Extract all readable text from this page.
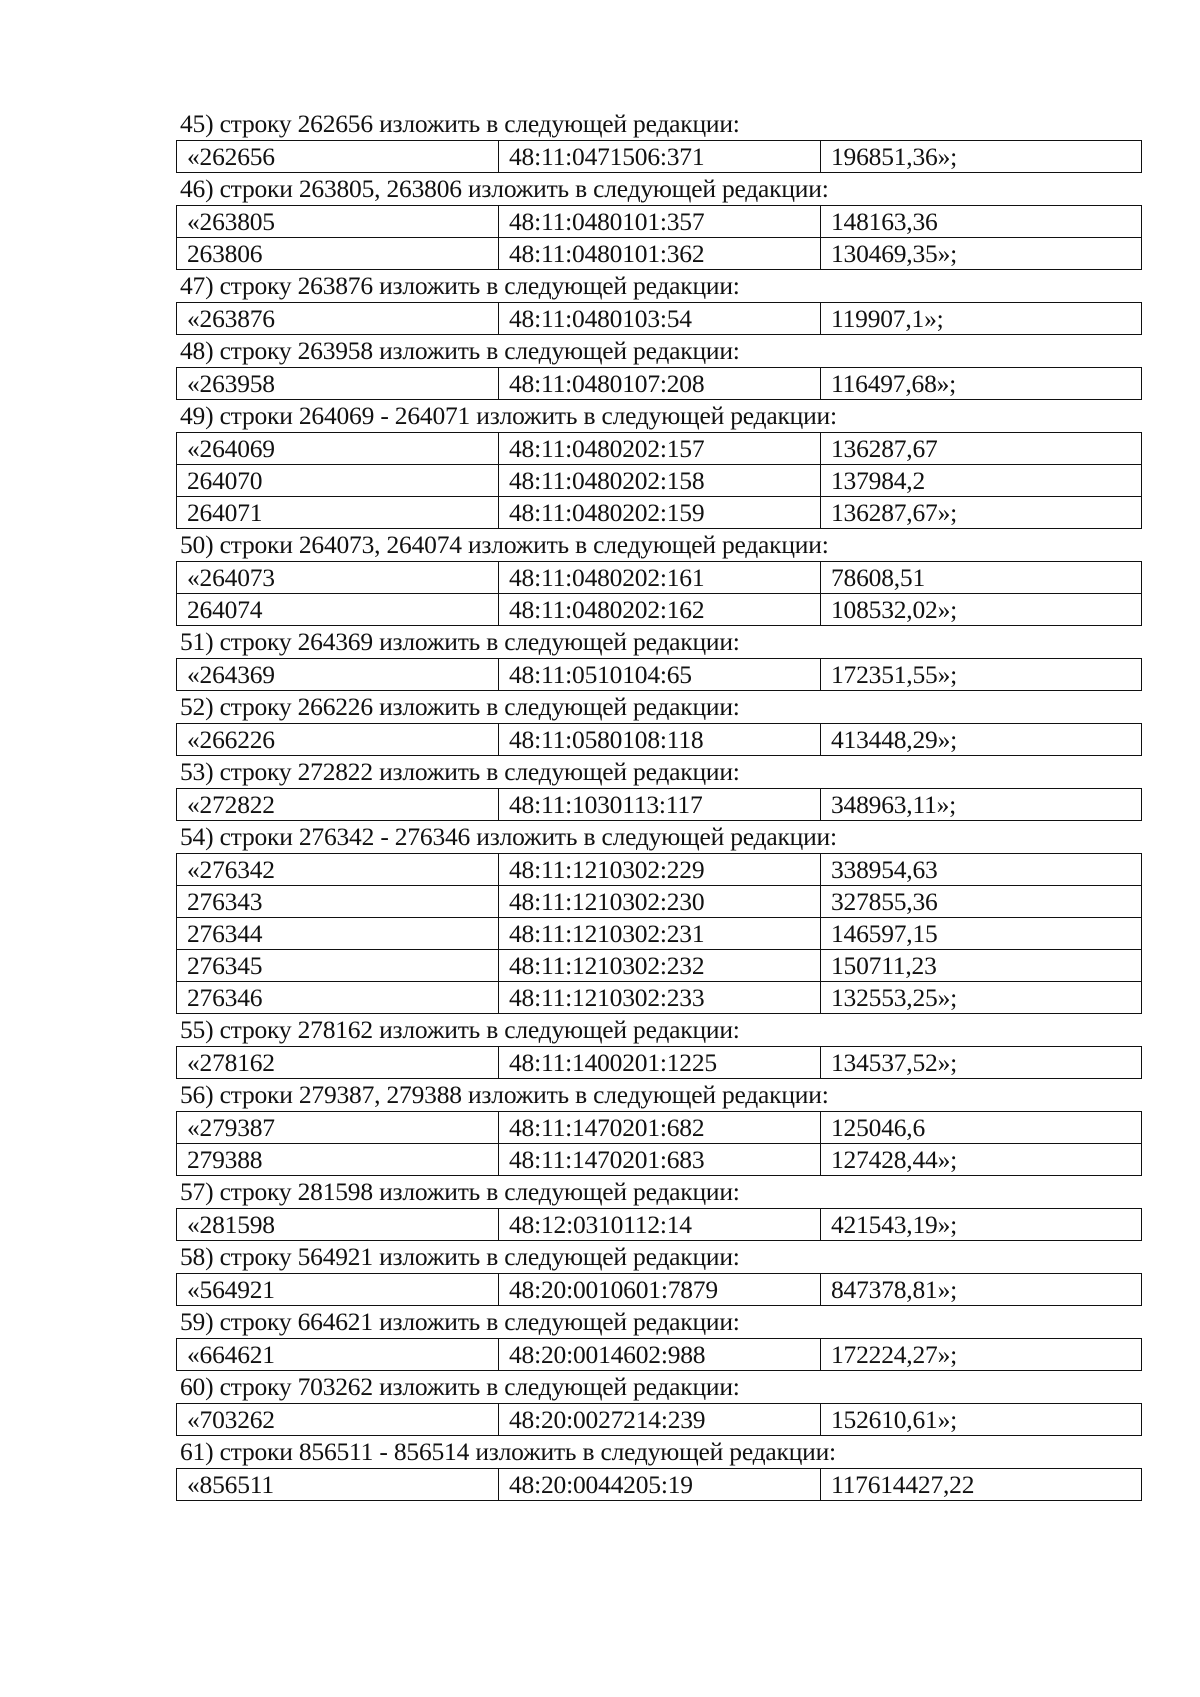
45) строку 262656 изложить в следующей редакции:
«262656	48:11:0471506:371	196851,36»;
46) строки 263805, 263806 изложить в следующей редакции:
«263805	48:11:0480101:357	148163,36
263806	48:11:0480101:362	130469,35»;
47) строку 263876 изложить в следующей редакции:
«263876	48:11:0480103:54	119907,1»;
48) строку 263958 изложить в следующей редакции:
«263958	48:11:0480107:208	116497,68»;
49) строки 264069 - 264071 изложить в следующей редакции:
«264069	48:11:0480202:157	136287,67
264070	48:11:0480202:158	137984,2
264071	48:11:0480202:159	136287,67»;
50) строки 264073, 264074 изложить в следующей редакции:
«264073	48:11:0480202:161	78608,51
264074	48:11:0480202:162	108532,02»;
51) строку 264369 изложить в следующей редакции:
«264369	48:11:0510104:65	172351,55»;
52) строку 266226 изложить в следующей редакции:
«266226	48:11:0580108:118	413448,29»;
53) строку 272822 изложить в следующей редакции:
«272822	48:11:1030113:117	348963,11»;
54) строки 276342 - 276346 изложить в следующей редакции:
«276342	48:11:1210302:229	338954,63
276343	48:11:1210302:230	327855,36
276344	48:11:1210302:231	146597,15
276345	48:11:1210302:232	150711,23
276346	48:11:1210302:233	132553,25»;
55) строку 278162 изложить в следующей редакции:
«278162	48:11:1400201:1225	134537,52»;
56) строки 279387, 279388 изложить в следующей редакции:
«279387	48:11:1470201:682	125046,6
279388	48:11:1470201:683	127428,44»;
57) строку 281598 изложить в следующей редакции:
«281598	48:12:0310112:14	421543,19»;
58) строку 564921 изложить в следующей редакции:
«564921	48:20:0010601:7879	847378,81»;
59) строку 664621 изложить в следующей редакции:
«664621	48:20:0014602:988	172224,27»;
60) строку 703262 изложить в следующей редакции:
«703262	48:20:0027214:239	152610,61»;
61) строки 856511 - 856514 изложить в следующей редакции:
«856511	48:20:0044205:19	117614427,22
